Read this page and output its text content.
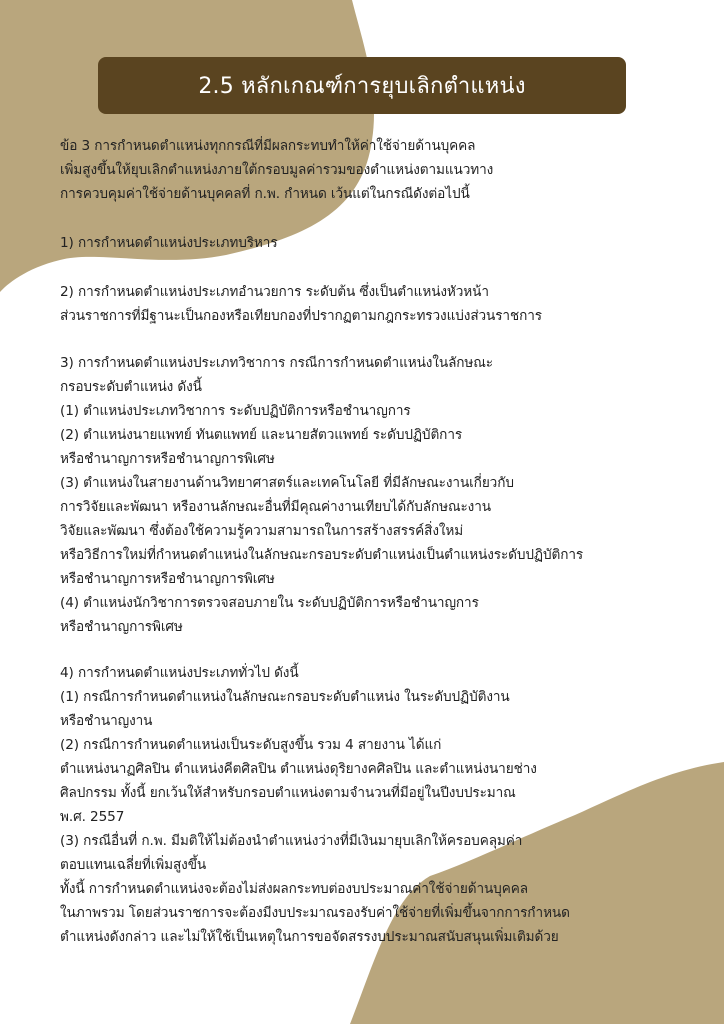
2.5 หลักเกณฑ์การยุบเลิกตำแหน่ง
ข้อ 3 การกำหนดตำแหน่งทุกกรณีที่มีผลกระทบทำให้ค่าใช้จ่ายด้านบุคคล
เพิ่มสูงขึ้นให้ยุบเลิกตำแหน่งภายใต้กรอบมูลค่ารวมของตำแหน่งตามแนวทาง
การควบคุมค่าใช้จ่ายด้านบุคคลที่ ก.พ. กำหนด เว้นแต่ในกรณีดังต่อไปนี้
1) การกำหนดตำแหน่งประเภทบริหาร
2) การกำหนดตำแหน่งประเภทอำนวยการ ระดับต้น ซึ่งเป็นตำแหน่งหัวหน้า
ส่วนราชการที่มีฐานะเป็นกองหรือเทียบกองที่ปรากฏตามกฎกระทรวงแบ่งส่วนราชการ
3) การกำหนดตำแหน่งประเภทวิชาการ กรณีการกำหนดตำแหน่งในลักษณะ
กรอบระดับตำแหน่ง ดังนี้
(1) ตำแหน่งประเภทวิชาการ ระดับปฏิบัติการหรือชำนาญการ
(2) ตำแหน่งนายแพทย์ ทันตแพทย์ และนายสัตวแพทย์ ระดับปฏิบัติการ
หรือชำนาญการหรือชำนาญการพิเศษ
(3) ตำแหน่งในสายงานด้านวิทยาศาสตร์และเทคโนโลยี ที่มีลักษณะงานเกี่ยวกับ
การวิจัยและพัฒนา หรืองานลักษณะอื่นที่มีคุณค่างานเทียบได้กับลักษณะงาน
วิจัยและพัฒนา ซึ่งต้องใช้ความรู้ความสามารถในการสร้างสรรค์สิ่งใหม่
หรือวิธีการใหม่ที่กำหนดตำแหน่งในลักษณะกรอบระดับตำแหน่งเป็นตำแหน่งระดับปฏิบัติการ
หรือชำนาญการหรือชำนาญการพิเศษ
(4) ตำแหน่งนักวิชาการตรวจสอบภายใน ระดับปฏิบัติการหรือชำนาญการ
หรือชำนาญการพิเศษ
4) การกำหนดตำแหน่งประเภททั่วไป ดังนี้
(1) กรณีการกำหนดตำแหน่งในลักษณะกรอบระดับตำแหน่ง ในระดับปฏิบัติงาน
หรือชำนาญงาน
(2) กรณีการกำหนดตำแหน่งเป็นระดับสูงขึ้น รวม 4 สายงาน ได้แก่
ตำแหน่งนาฏศิลปิน ตำแหน่งคีตศิลปิน ตำแหน่งดุริยางคศิลปิน และตำแหน่งนายช่าง
ศิลปกรรม ทั้งนี้ ยกเว้นให้สำหรับกรอบตำแหน่งตามจำนวนที่มีอยู่ในปีงบประมาณ
พ.ศ. 2557
(3) กรณีอื่นที่ ก.พ. มีมติให้ไม่ต้องนำตำแหน่งว่างที่มีเงินมายุบเลิกให้ครอบคลุมค่า
ตอบแทนเฉลี่ยที่เพิ่มสูงขึ้น
ทั้งนี้ การกำหนดตำแหน่งจะต้องไม่ส่งผลกระทบต่องบประมาณค่าใช้จ่ายด้านบุคคล
ในภาพรวม โดยส่วนราชการจะต้องมีงบประมาณรองรับค่าใช้จ่ายที่เพิ่มขึ้นจากการกำหนด
ตำแหน่งดังกล่าว และไม่ให้ใช้เป็นเหตุในการขอจัดสรรงบประมาณสนับสนุนเพิ่มเติมด้วย
